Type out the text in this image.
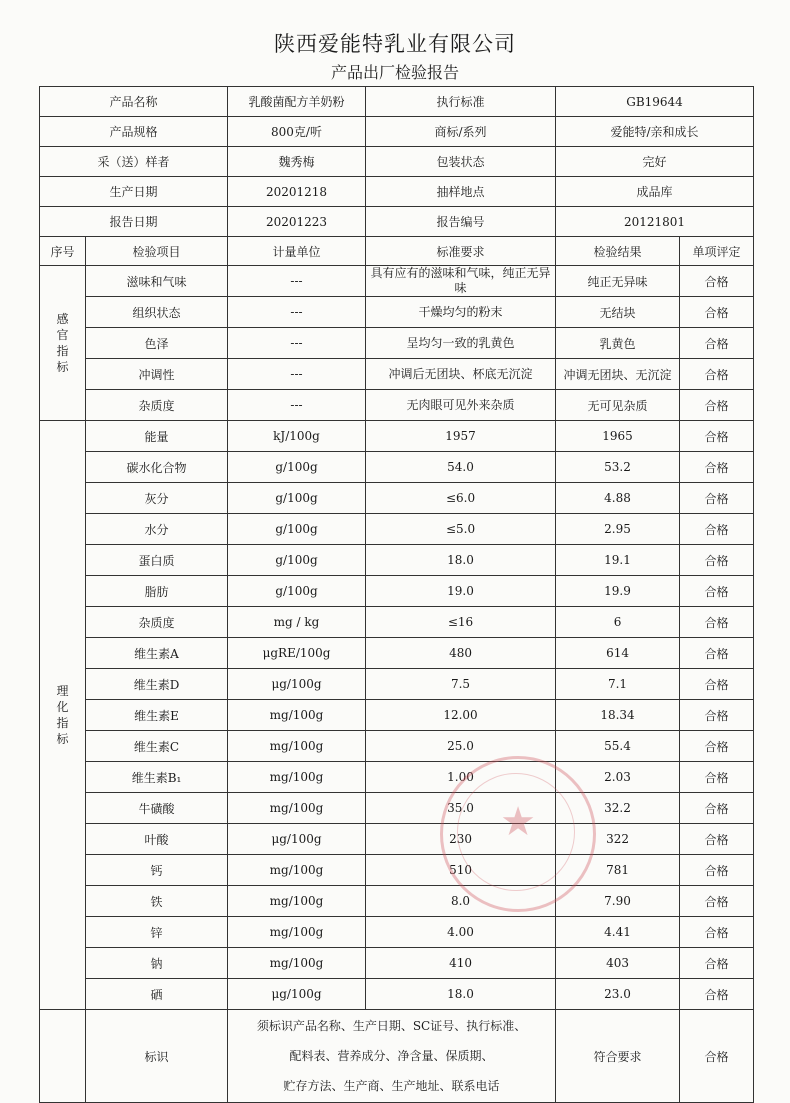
陕西爱能特乳业有限公司
产品出厂检验报告
产品名称		乳酸菌配方羊奶粉	执行标准	GB19644	
产品规格		800克/听	商标/系列	爱能特/亲和成长	
采（送）样者		魏秀梅	包装状态	完好	
生产日期		20201218	抽样地点	成品库	
报告日期		20201223	报告编号	20121801	
序号	检验项目	计量单位	标准要求	检验结果	单项评定

感
官
指
标	滋味和气味	---	具有应有的滋味和气味，纯正无异味	纯正无异味	合格
	组织状态	---	干燥均匀的粉末	无结块	合格
	色泽	---	呈均匀一致的乳黄色	乳黄色	合格
	冲调性	---	冲调后无团块、杯底无沉淀	冲调无团块、无沉淀	合格
	杂质度	---	无肉眼可见外来杂质	无可见杂质	合格

理
化
指
标	能量	kJ/100g	1957	1965	合格
	碳水化合物	g/100g	54.0	53.2	合格
	灰分	g/100g	≤6.0	4.88	合格
	水分	g/100g	≤5.0	2.95	合格
	蛋白质	g/100g	18.0	19.1	合格
	脂肪	g/100g	19.0	19.9	合格
	杂质度	mg / kg	≤16	6	合格
	维生素A	μgRE/100g	480	614	合格
	维生素D	μg/100g	7.5	7.1	合格
	维生素E	mg/100g	12.00	18.34	合格
	维生素C	mg/100g	25.0	55.4	合格
	维生素B₁	mg/100g	1.00	2.03	合格
	牛磺酸	mg/100g	35.0	32.2	合格
	叶酸	μg/100g	230	322	合格
	钙	mg/100g	510	781	合格
	铁	mg/100g	8.0	7.90	合格
	锌	mg/100g	4.00	4.41	合格
	钠	mg/100g	410	403	合格
	硒	μg/100g	18.0	23.0	合格
	标识	须标识产品名称、生产日期、SC证号、执行标准、
配料表、营养成分、净含量、保质期、
贮存方法、生产商、生产地址、联系电话		符合要求	合格
★
